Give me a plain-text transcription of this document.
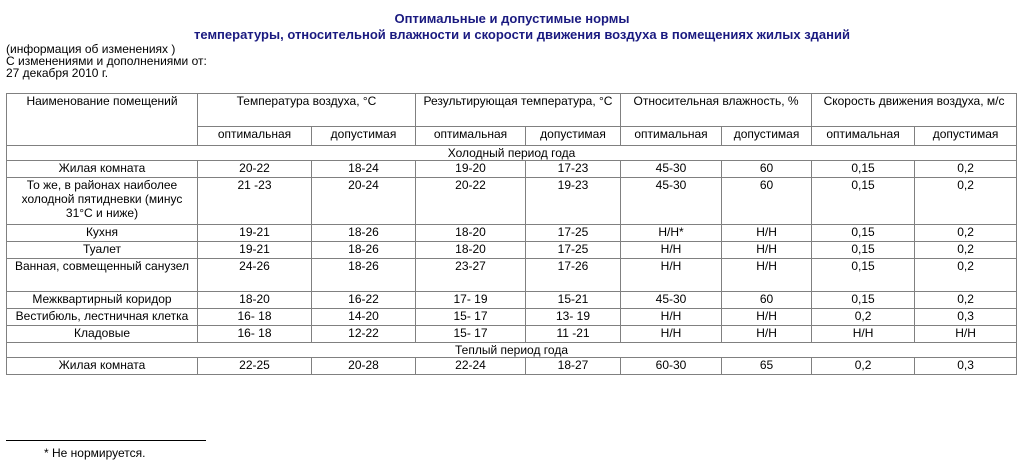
Оптимальные и допустимые нормы
температуры, относительной влажности и скорости движения воздуха в помещениях жилых зданий
(информация об изменениях )
С изменениями и дополнениями от:
27 декабря 2010 г.
Наименование помещений	Температура воздуха, °С		Результирующая температура, °С		Относительная влажность, %		Скорость движения воздуха, м/с	
	оптимальная	допустимая	оптимальная	допустимая	оптимальная	допустимая	оптимальная	допустимая
Холодный период года								
Жилая комната	20-22	18-24	19-20	17-23	45-30	60	0,15	0,2
То же, в районах наиболее холодной пятидневки (минус 31°С и ниже)	21 -23	20-24	20-22	19-23	45-30	60	0,15	0,2
Кухня	19-21	18-26	18-20	17-25	Н/Н*	Н/Н	0,15	0,2
Туалет	19-21	18-26	18-20	17-25	Н/Н	Н/Н	0,15	0,2
Ванная, совмещенный санузел	24-26	18-26	23-27	17-26	Н/Н	Н/Н	0,15	0,2
Межквартирный коридор	18-20	16-22	17- 19	15-21	45-30	60	0,15	0,2
Вестибюль, лестничная клетка	16- 18	14-20	15- 17	13- 19	Н/Н	Н/Н	0,2	0,3
Кладовые	16- 18	12-22	15- 17	11 -21	Н/Н	Н/Н	Н/Н	Н/Н
Теплый период года								
Жилая комната	22-25	20-28	22-24	18-27	60-30	65	0,2	0,3
* Не нормируется.
